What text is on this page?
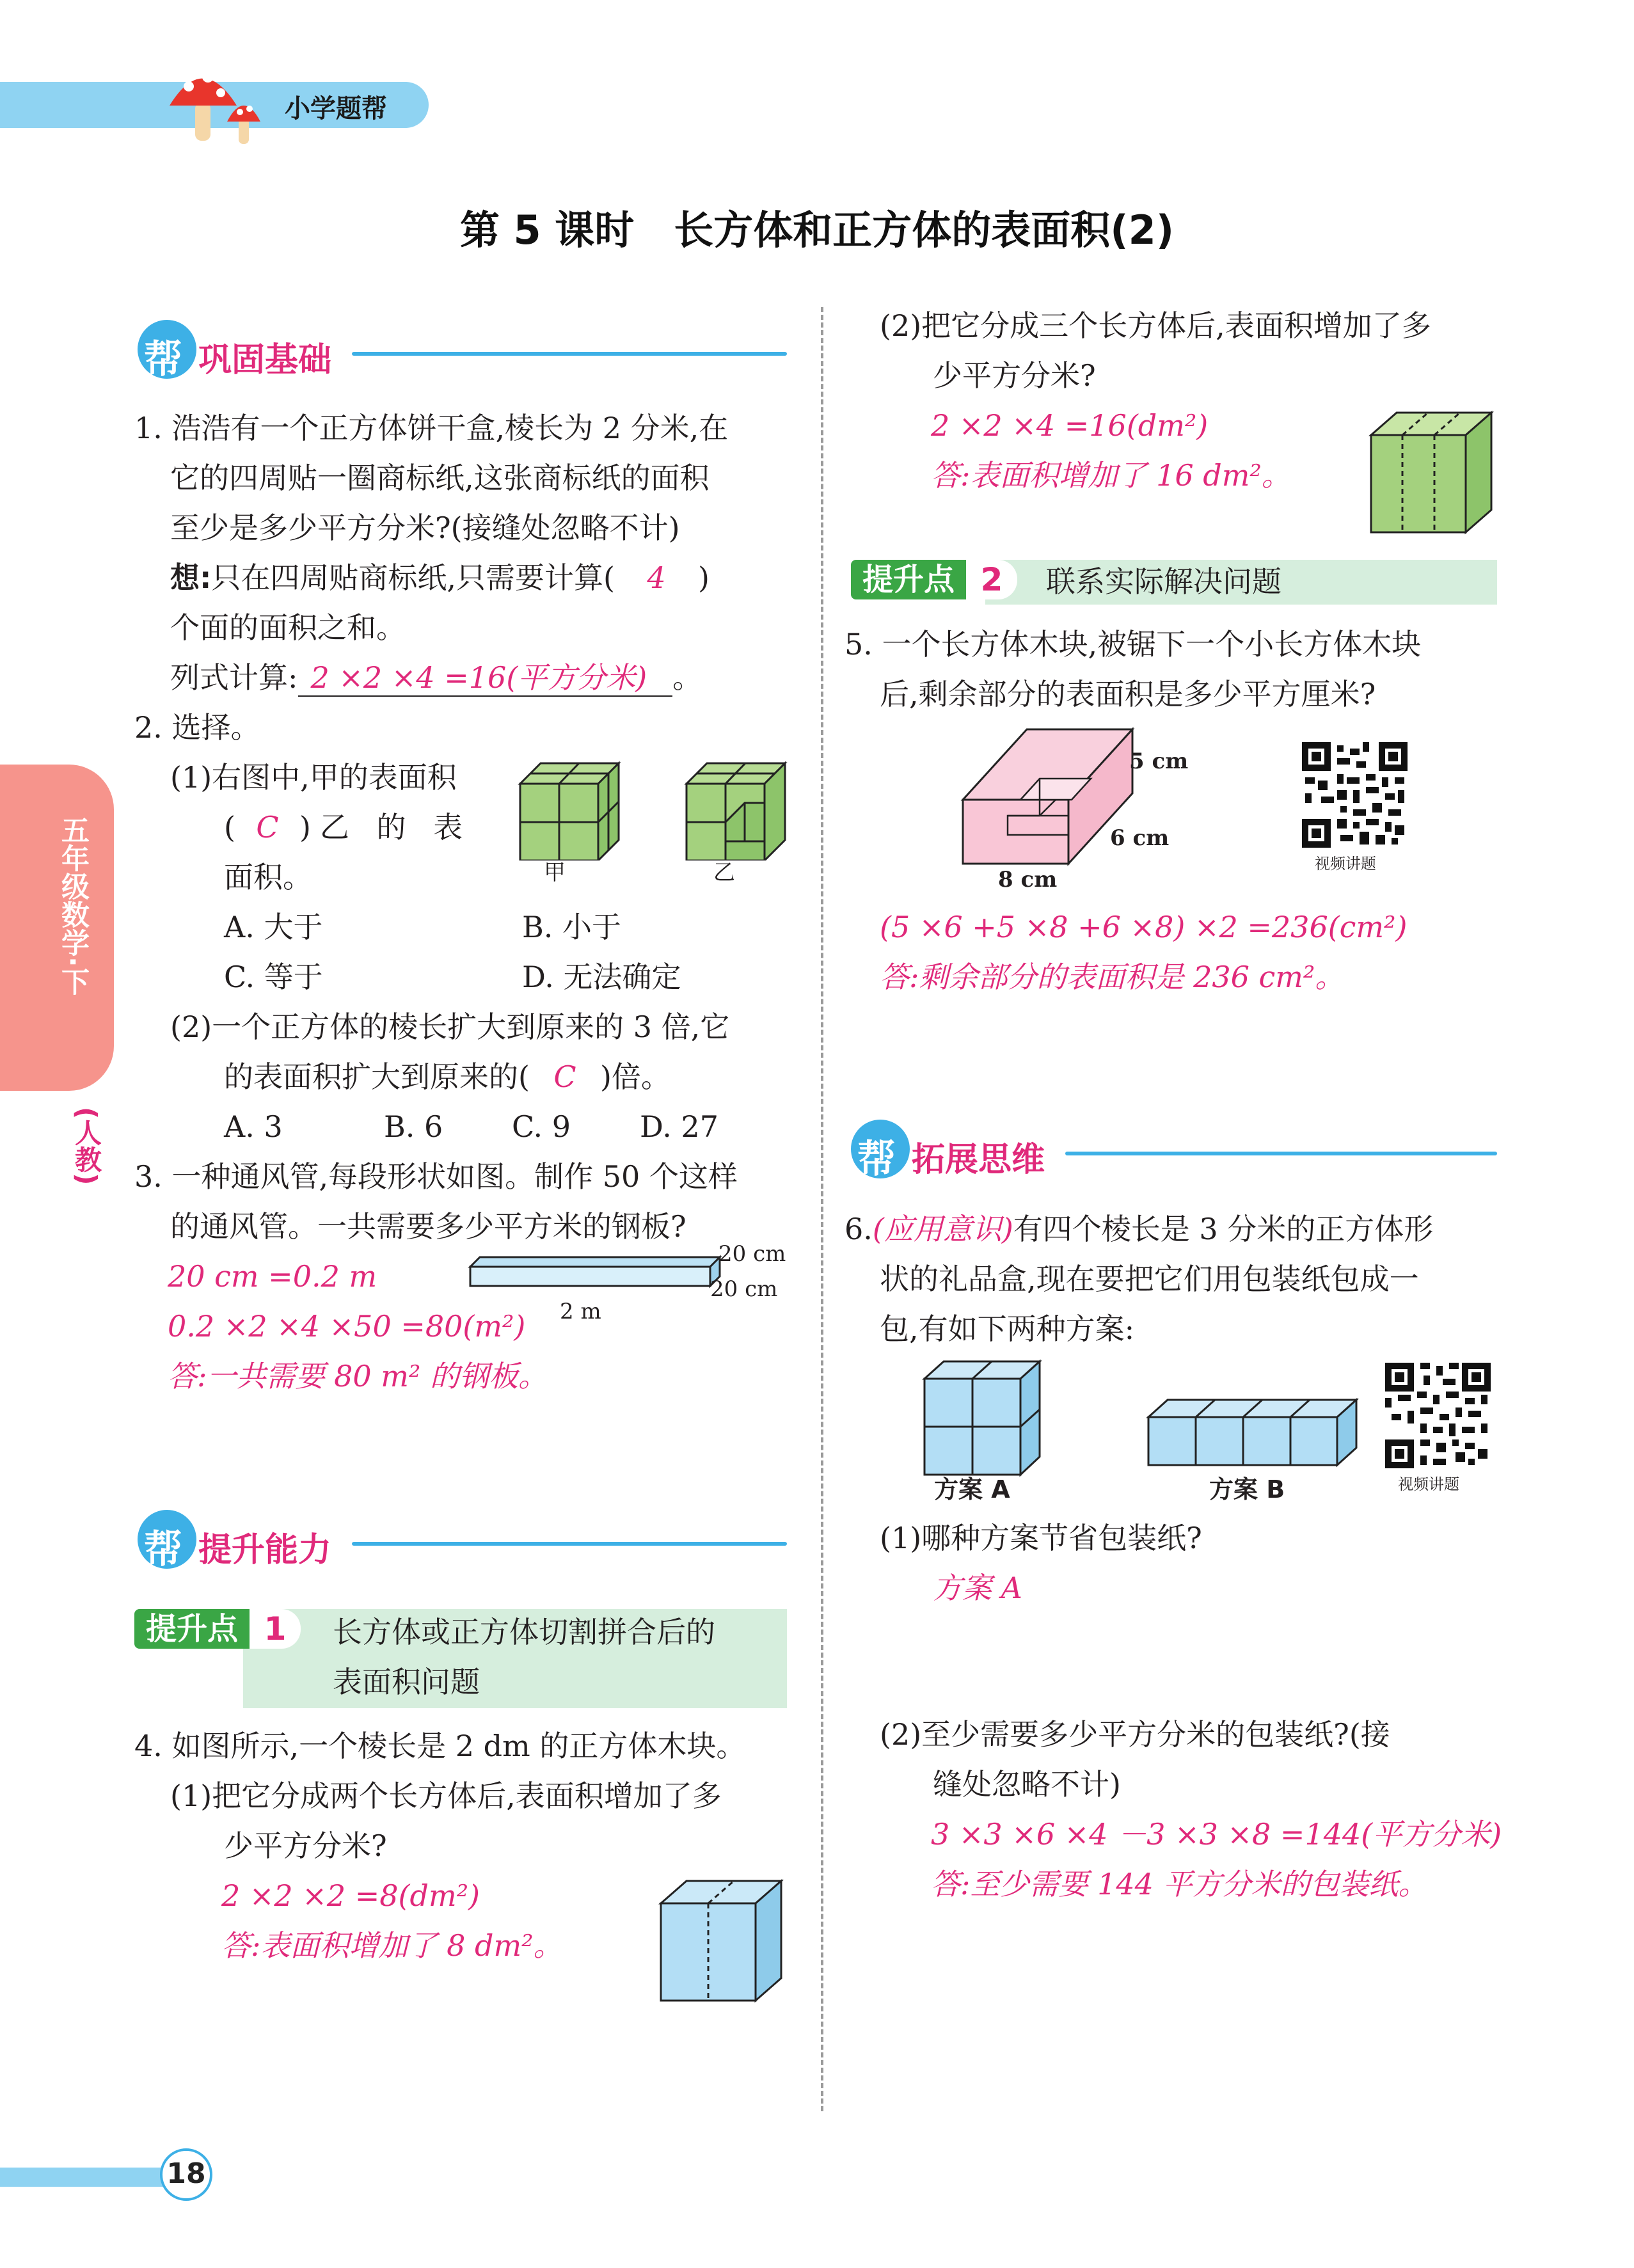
小学题帮
第 5 课时　长方体和正方体的表面积(2)
五年级数学·下
(人教)
帮 巩固基础
1. 浩浩有一个正方体饼干盒,棱长为 2 分米,在
它的四周贴一圈商标纸,这张商标纸的面积
至少是多少平方分米?(接缝处忽略不计)
想:只在四周贴商标纸,只需要计算( 4 )
个面的面积之和。
列式计算: 2 ×2 ×4 =16(平方分米) 。
2. 选择。
(1)右图中,甲的表面积
( C )乙 的 表
面积。	甲	乙
A. 大于	B. 小于
C. 等于	D. 无法确定
(2)一个正方体的棱长扩大到原来的 3 倍,它
的表面积扩大到原来的( C )倍。
A. 3	B. 6 C. 9 D. 27
3. 一种通风管,每段形状如图。制作 50 个这样
的通风管。一共需要多少平方米的钢板?
20 cm =0.2 m
0.2 ×2 ×4 ×50 =80(m²)
答:一共需要 80 m² 的钢板。
20 cm
20 cm
2 m
帮 提升能力
提升点 1	长方体或正方体切割拼合后的
表面积问题
4. 如图所示,一个棱长是 2 dm 的正方体木块。
(1)把它分成两个长方体后,表面积增加了多
少平方分米?
2 ×2 ×2 =8(dm²)
答:表面积增加了 8 dm²。
(2)把它分成三个长方体后,表面积增加了多
少平方分米?
2 ×2 ×4 =16(dm²)
答:表面积增加了 16 dm²。
提升点 2	联系实际解决问题
5. 一个长方体木块,被锯下一个小长方体木块
后,剩余部分的表面积是多少平方厘米?
5 cm
6 cm
8 cm
视频讲题
(5 ×6 +5 ×8 +6 ×8) ×2 =236(cm²)
答:剩余部分的表面积是 236 cm²。
帮 拓展思维
6.(应用意识)有四个棱长是 3 分米的正方体形
状的礼品盒,现在要把它们用包装纸包成一
包,有如下两种方案:
方案 A	方案 B	视频讲题
(1)哪种方案节省包装纸?
方案 A
(2)至少需要多少平方分米的包装纸?(接
缝处忽略不计)
3 ×3 ×6 ×4 －3 ×3 ×8 =144(平方分米)
答:至少需要 144 平方分米的包装纸。
18
